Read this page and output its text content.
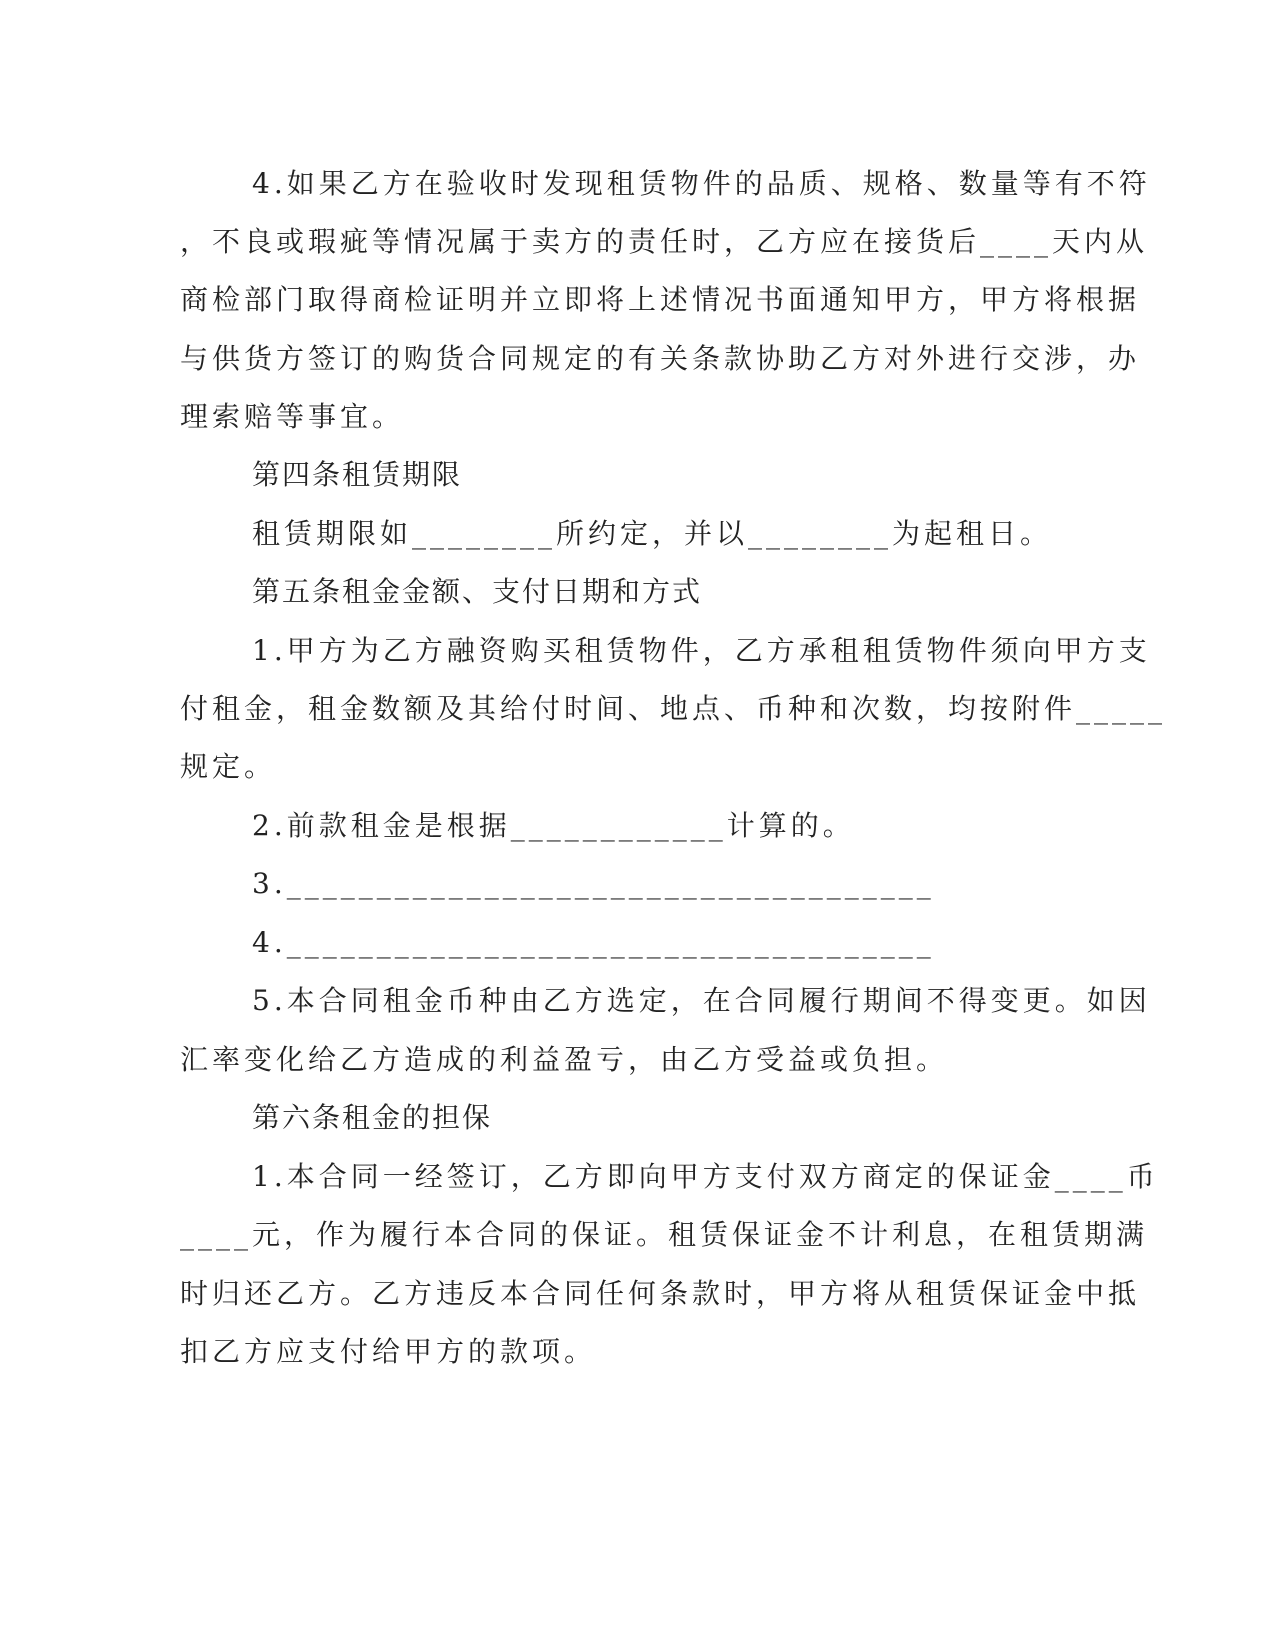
4.如果乙方在验收时发现租赁物件的品质、规格、数量等有不符
，不良或瑕疵等情况属于卖方的责任时，乙方应在接货后____天内从
商检部门取得商检证明并立即将上述情况书面通知甲方，甲方将根据
与供货方签订的购货合同规定的有关条款协助乙方对外进行交涉，办
理索赔等事宜。
第四条租赁期限
租赁期限如________所约定，并以________为起租日。
第五条租金金额、支付日期和方式
1.甲方为乙方融资购买租赁物件，乙方承租租赁物件须向甲方支
付租金，租金数额及其给付时间、地点、币种和次数，均按附件_____
规定。
2.前款租金是根据____________计算的。
3.____________________________________
4.____________________________________
5.本合同租金币种由乙方选定，在合同履行期间不得变更。如因
汇率变化给乙方造成的利益盈亏，由乙方受益或负担。
第六条租金的担保
1.本合同一经签订，乙方即向甲方支付双方商定的保证金____币
____元，作为履行本合同的保证。租赁保证金不计利息，在租赁期满
时归还乙方。乙方违反本合同任何条款时，甲方将从租赁保证金中抵
扣乙方应支付给甲方的款项。
